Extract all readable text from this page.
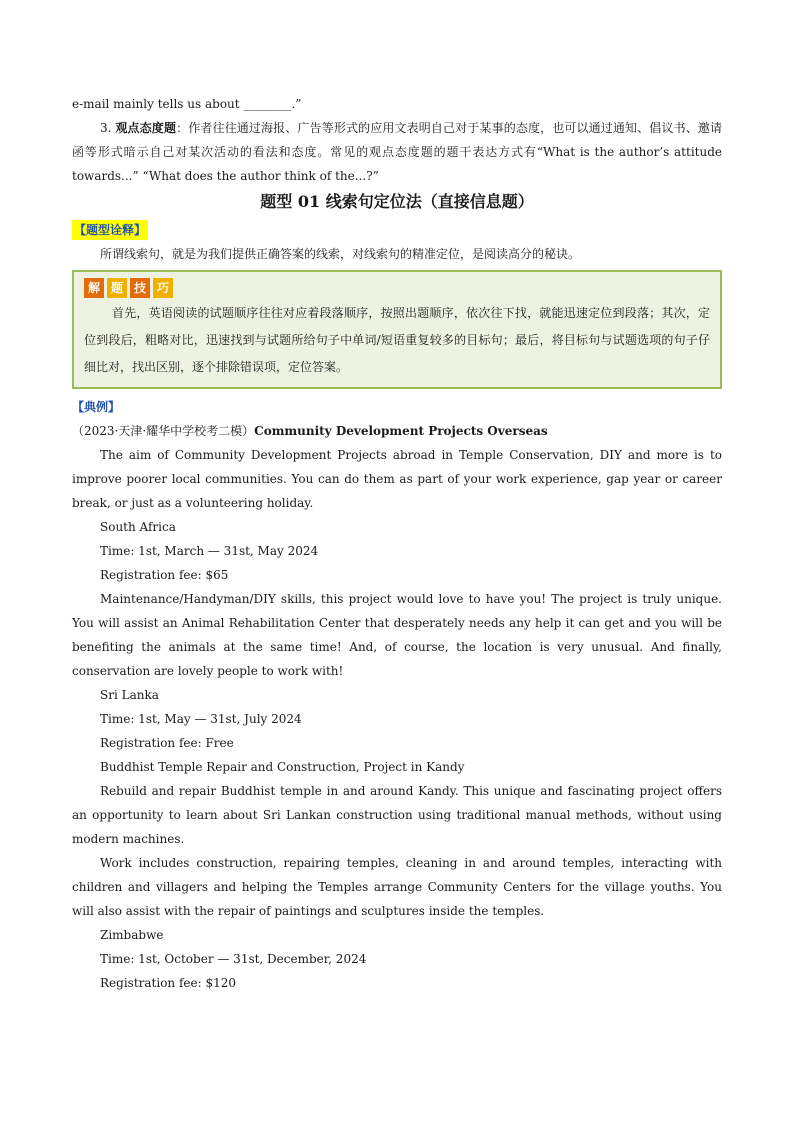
e-mail mainly tells us about ________.”

3. 观点态度题：作者往往通过海报、广告等形式的应用文表明自己对于某事的态度，也可以通过通知、倡议书、邀请函等形式暗示自己对某次活动的看法和态度。常见的观点态度题的题干表达方式有“What is the author’s attitude towards...” “What does the author think of the...?”

题型 01 线索句定位法（直接信息题）

【题型诠释】

所谓线索句，就是为我们提供正确答案的线索，对线索句的精准定位，是阅读高分的秘诀。

解 题 技 巧

首先，英语阅读的试题顺序往往对应着段落顺序，按照出题顺序，依次往下找，就能迅速定位到段落；其次，定位到段后，粗略对比，迅速找到与试题所给句子中单词/短语重复较多的目标句；最后，将目标句与试题选项的句子仔细比对，找出区别，逐个排除错误项，定位答案。

【典例】

（2023·天津·耀华中学校考二模）Community Development Projects Overseas

The aim of Community Development Projects abroad in Temple Conservation, DIY and more is to improve poorer local communities. You can do them as part of your work experience, gap year or career break, or just as a volunteering holiday.

South Africa

Time: 1st, March — 31st, May 2024

Registration fee: $65

Maintenance/Handyman/DIY skills, this project would love to have you! The project is truly unique. You will assist an Animal Rehabilitation Center that desperately needs any help it can get and you will be benefiting the animals at the same time! And, of course, the location is very unusual. And finally, conservation are lovely people to work with!

Sri Lanka

Time: 1st, May — 31st, July 2024

Registration fee: Free

Buddhist Temple Repair and Construction, Project in Kandy

Rebuild and repair Buddhist temple in and around Kandy. This unique and fascinating project offers an opportunity to learn about Sri Lankan construction using traditional manual methods, without using modern machines.

Work includes construction, repairing temples, cleaning in and around temples, interacting with children and villagers and helping the Temples arrange Community Centers for the village youths. You will also assist with the repair of paintings and sculptures inside the temples.

Zimbabwe

Time: 1st, October — 31st, December, 2024

Registration fee: $120
